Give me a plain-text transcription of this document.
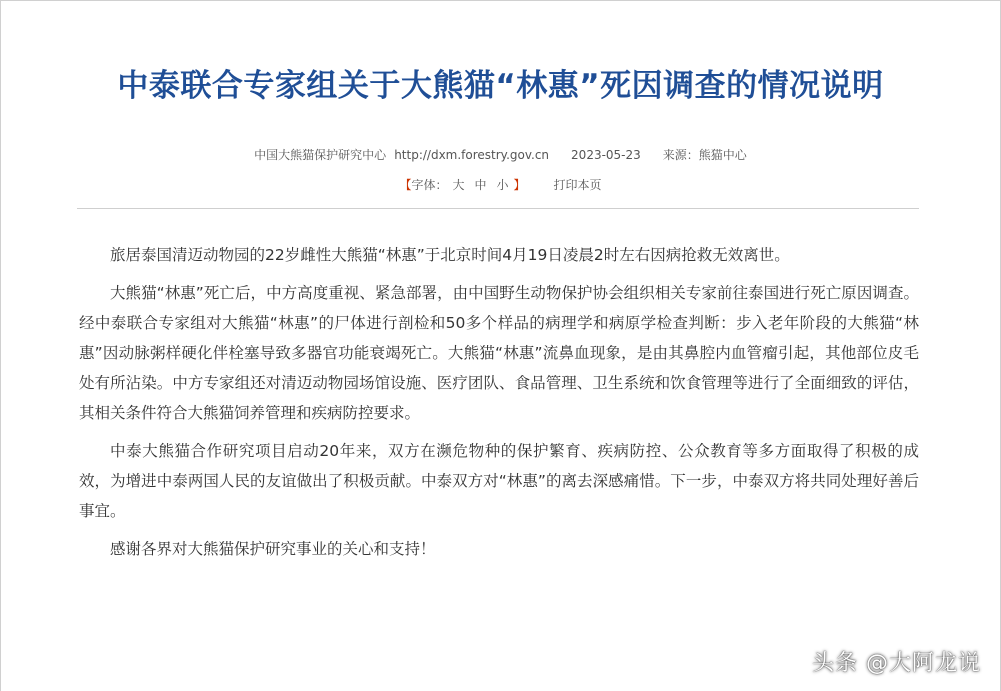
中泰联合专家组关于大熊猫“林惠”死因调查的情况说明
中国大熊猫保护研究中心 http://dxm.forestry.gov.cn 2023-05-23 来源：熊猫中心
【字体： 大 中 小 】 打印本页

旅居泰国清迈动物园的22岁雌性大熊猫“林惠”于北京时间4月19日凌晨2时左右因病抢救无效离世。

大熊猫“林惠”死亡后，中方高度重视、紧急部署，由中国野生动物保护协会组织相关专家前往泰国进行死亡原因调查。经中泰联合专家组对大熊猫“林惠”的尸体进行剖检和50多个样品的病理学和病原学检查判断：步入老年阶段的大熊猫“林惠”因动脉粥样硬化伴栓塞导致多器官功能衰竭死亡。大熊猫“林惠”流鼻血现象，是由其鼻腔内血管瘤引起，其他部位皮毛处有所沾染。中方专家组还对清迈动物园场馆设施、医疗团队、食品管理、卫生系统和饮食管理等进行了全面细致的评估，其相关条件符合大熊猫饲养管理和疾病防控要求。

中泰大熊猫合作研究项目启动20年来，双方在濒危物种的保护繁育、疾病防控、公众教育等多方面取得了积极的成效，为增进中泰两国人民的友谊做出了积极贡献。中泰双方对“林惠”的离去深感痛惜。下一步，中泰双方将共同处理好善后事宜。

感谢各界对大熊猫保护研究事业的关心和支持！

头条 @大阿龙说
